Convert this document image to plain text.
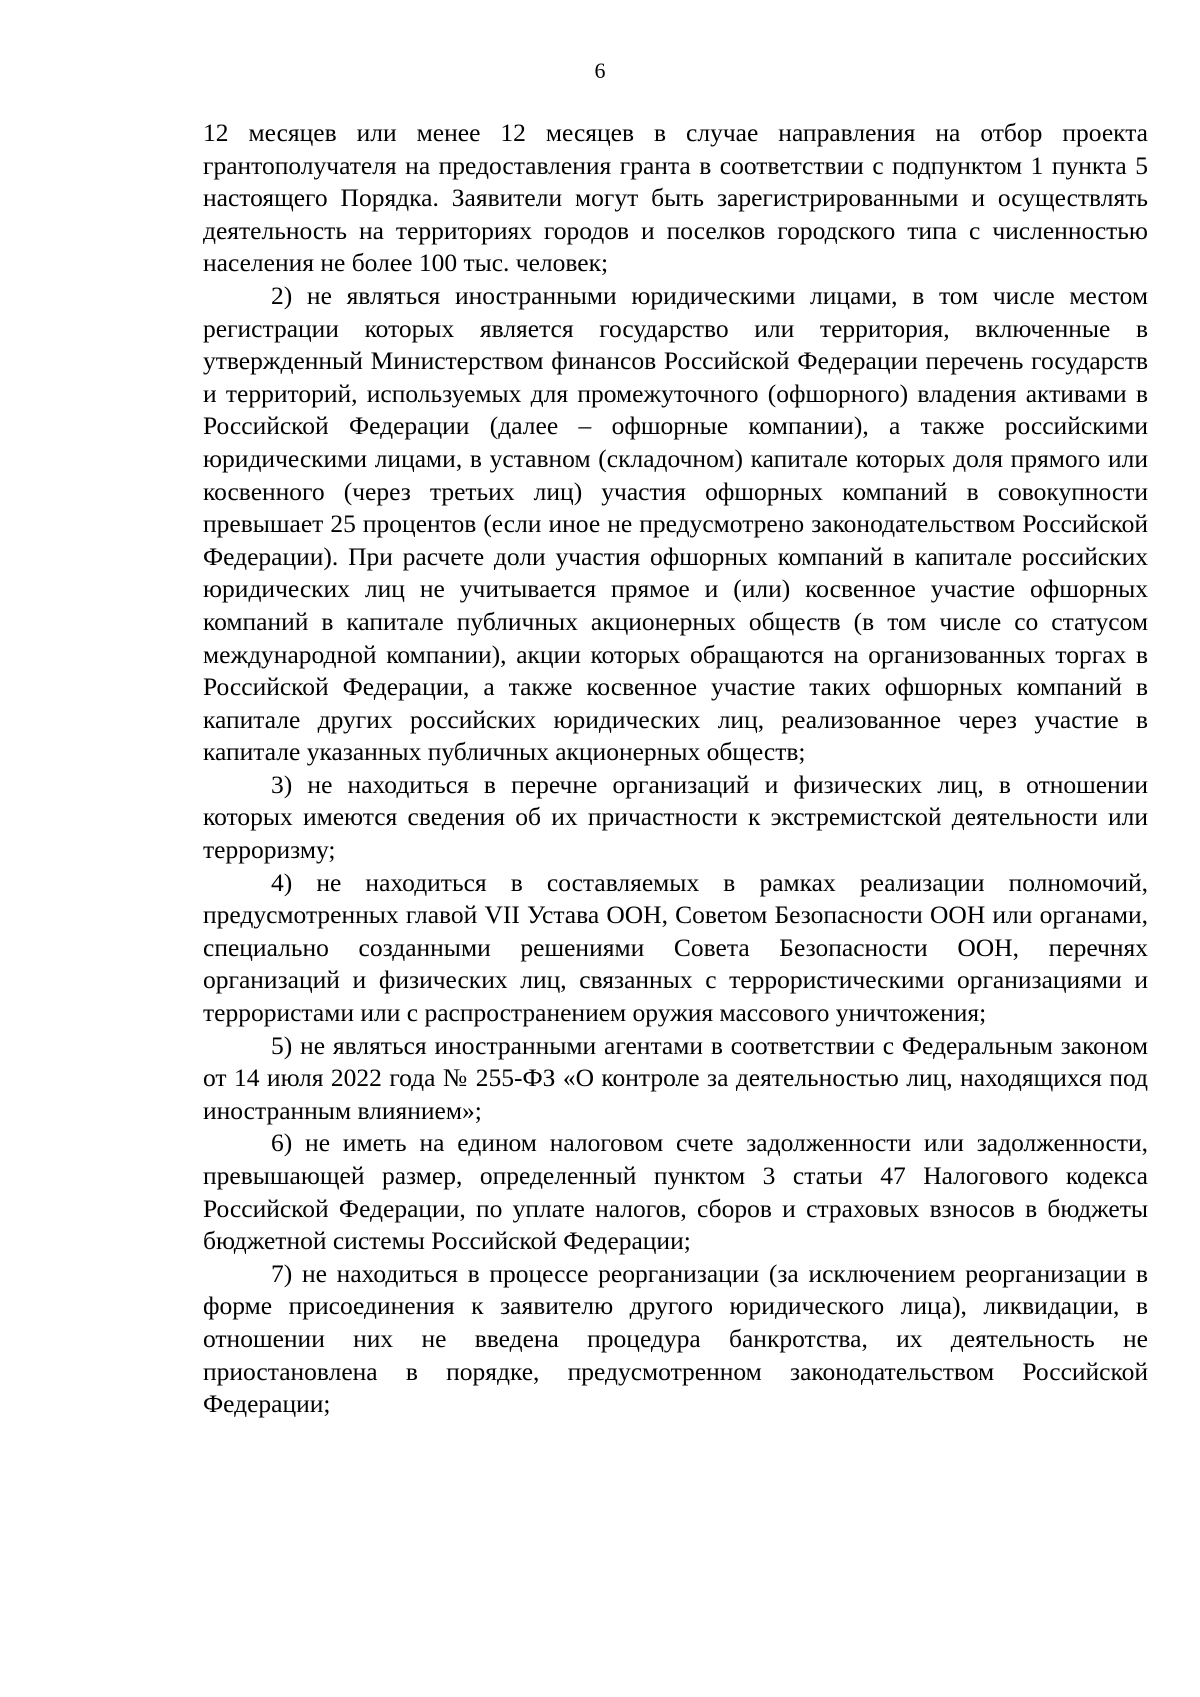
6

12 месяцев или менее 12 месяцев в случае направления на отбор проекта грантополучателя на предоставления гранта в соответствии с подпунктом 1 пункта 5 настоящего Порядка. Заявители могут быть зарегистрированными и осуществлять деятельность на территориях городов и поселков городского типа с численностью населения не более 100 тыс. человек;

2) не являться иностранными юридическими лицами, в том числе местом регистрации которых является государство или территория, включенные в утвержденный Министерством финансов Российской Федерации перечень государств и территорий, используемых для промежуточного (офшорного) владения активами в Российской Федерации (далее – офшорные компании), а также российскими юридическими лицами, в уставном (складочном) капитале которых доля прямого или косвенного (через третьих лиц) участия офшорных компаний в совокупности превышает 25 процентов (если иное не предусмотрено законодательством Российской Федерации). При расчете доли участия офшорных компаний в капитале российских юридических лиц не учитывается прямое и (или) косвенное участие офшорных компаний в капитале публичных акционерных обществ (в том числе со статусом международной компании), акции которых обращаются на организованных торгах в Российской Федерации, а также косвенное участие таких офшорных компаний в капитале других российских юридических лиц, реализованное через участие в капитале указанных публичных акционерных обществ;

3) не находиться в перечне организаций и физических лиц, в отношении которых имеются сведения об их причастности к экстремистской деятельности или терроризму;

4) не находиться в составляемых в рамках реализации полномочий, предусмотренных главой VII Устава ООН, Советом Безопасности ООН или органами, специально созданными решениями Совета Безопасности ООН, перечнях организаций и физических лиц, связанных с террористическими организациями и террористами или с распространением оружия массового уничтожения;

5) не являться иностранными агентами в соответствии с Федеральным законом от 14 июля 2022 года № 255-ФЗ «О контроле за деятельностью лиц, находящихся под иностранным влиянием»;

6) не иметь на едином налоговом счете задолженности или задолженности, превышающей размер, определенный пунктом 3 статьи 47 Налогового кодекса Российской Федерации, по уплате налогов, сборов и страховых взносов в бюджеты бюджетной системы Российской Федерации;

7) не находиться в процессе реорганизации (за исключением реорганизации в форме присоединения к заявителю другого юридического лица), ликвидации, в отношении них не введена процедура банкротства, их деятельность не приостановлена в порядке, предусмотренном законодательством Российской Федерации;
